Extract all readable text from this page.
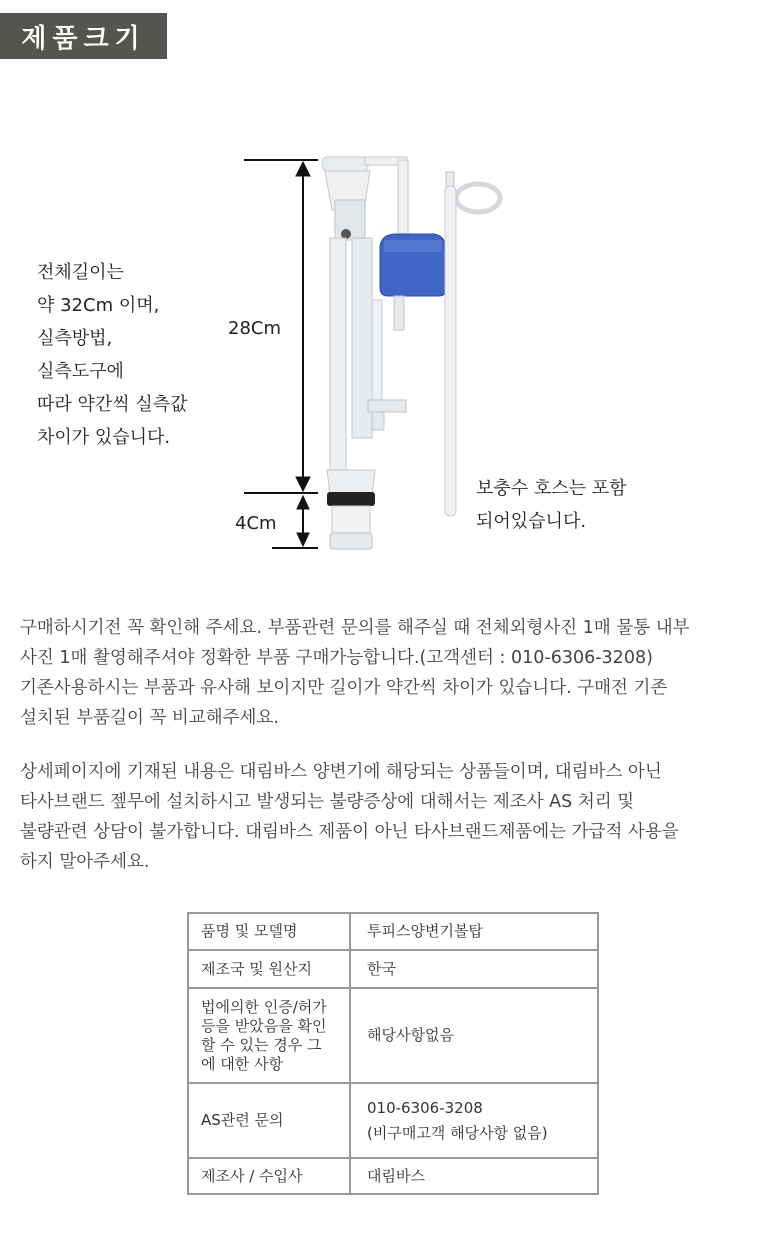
제품크기
전체길이는
약 32Cm 이며,
실측방법,
실측도구에
따라 약간씩 실측값
차이가 있습니다.
28Cm
4Cm
보충수 호스는 포함
되어있습니다.
구매하시기전 꼭 확인해 주세요. 부품관련 문의를 해주실 때 전체외형사진 1매 물통 내부
사진 1매 촬영해주셔야 정확한 부품 구매가능합니다.(고객센터 : 010-6306-3208)
기존사용하시는 부품과 유사해 보이지만 길이가 약간씩 차이가 있습니다. 구매전 기존
설치된 부품길이 꼭 비교해주세요.
상세페이지에 기재된 내용은 대림바스 양변기에 해당되는 상품들이며, 대림바스 아닌
타사브랜드 젶무에 설치하시고 발생되는 불량증상에 대해서는 제조사 AS 처리 및
불량관련 상담이 불가합니다. 대림바스 제품이 아닌 타사브랜드제품에는 가급적 사용을
하지 말아주세요.
품명 및 모델명	투피스양변기볼탑
제조국 및 원산지	한국

법에의한 인증/허가
등을 받았음을 확인
할 수 있는 경우 그
에 대한 사항	해당사항없음
AS관련 문의	010-6306-3208
(비구매고객 해당사항 없음)

제조사 / 수입사	대림바스
